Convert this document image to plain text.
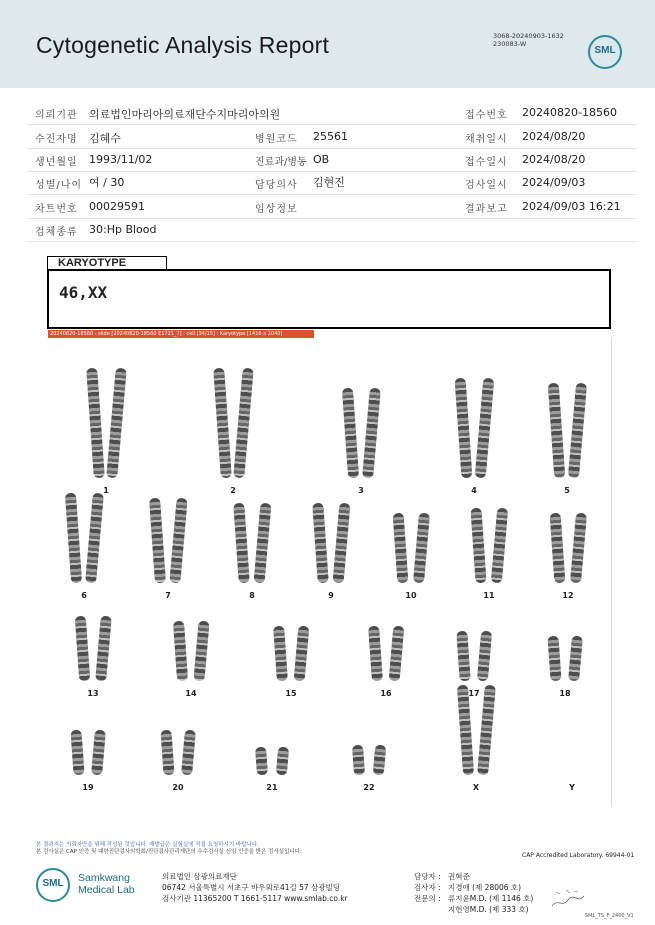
Cytogenetic Analysis Report	3068-20240903-1632
230083-W
SML
의뢰기관 의료법인마리아의료재단수지마리아의원	접수번호 20240820-18560
수진자명 김혜수	병원코드 25561	채취일시 2024/08/20
생년월일 1993/11/02	진료과/병동 OB	접수일시 2024/08/20
성별/나이 여 / 30	담당의사 김현진	검사일시 2024/09/03
차트번호 00029591	임상정보	결과보고 2024/09/03 16:21
검체종류 30:Hp Blood
KARYOTYPE
46,XX
20240820-18560 - slide [20240820-18560 E1721_7] : cell [34/15] : Karyotype [1416 x 1040]
1	2	3	4	5
6	7	8	9	10	11	12
13	14	15	16	17	18
19	20	21	22	X	Y
본 결과지는 의뢰자만을 위해 작성된 것입니다. 재발급은 실험실에 직접 요청하시기 바랍니다.
본 검사실은 CAP 인증 및 대한진단검사의학회/진단검사관리재단의 우수검사실 신임 인증을 받은 검사실입니다.	CAP Accredited Laboratory. 69944-01
SML	Samkwang
Medical Lab
의료법인 삼광의료재단
06742 서울특별시 서초구 바우뫼로41길 57 삼광빌딩
검사기관 11365200 T 1661-5117 www.smlab.co.kr
담당자 : 권혁준
검사자 : 지경애 (제 28006 호)
전문의 : 류지윤M.D. (제 1146 호)
지현영M.D. (제 333 호)
SML_TS_F_2400_V1
